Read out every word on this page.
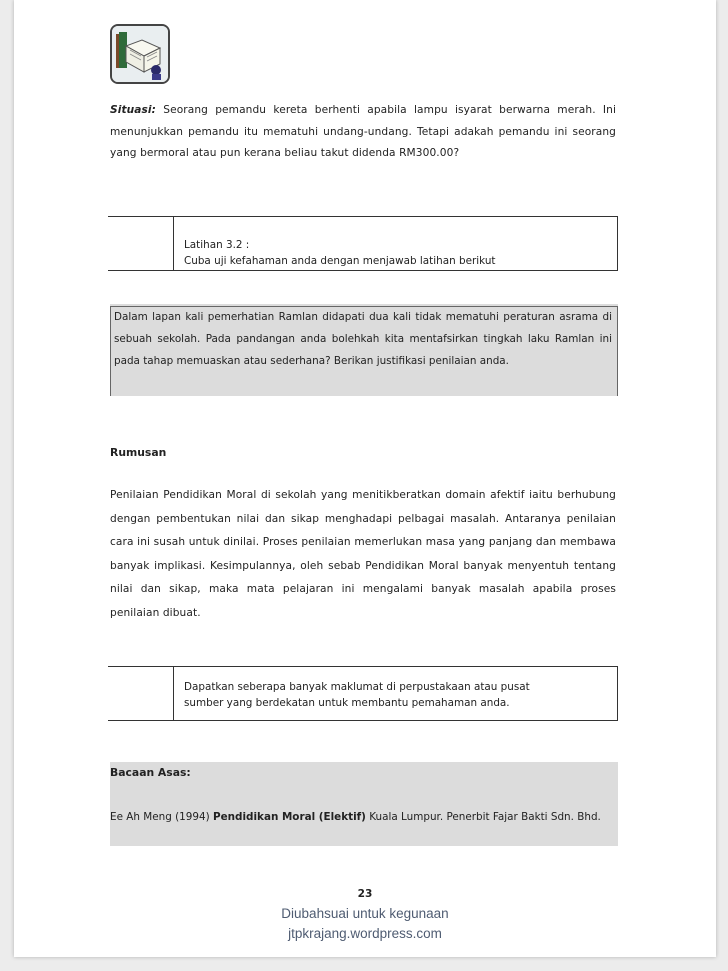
Situasi: Seorang pemandu kereta berhenti apabila lampu isyarat berwarna merah. Ini menunjukkan pemandu itu mematuhi undang-undang. Tetapi adakah pemandu ini seorang yang bermoral atau pun kerana beliau takut didenda RM300.00?
Latihan 3.2 :
Cuba uji kefahaman anda dengan menjawab latihan berikut
Dalam lapan kali pemerhatian Ramlan didapati dua kali tidak mematuhi peraturan asrama di sebuah sekolah. Pada pandangan anda bolehkah kita mentafsirkan tingkah laku Ramlan ini pada tahap memuaskan atau sederhana? Berikan justifikasi penilaian anda.
Rumusan
Penilaian Pendidikan Moral di sekolah yang menitikberatkan domain afektif iaitu berhubung dengan pembentukan nilai dan sikap menghadapi pelbagai masalah. Antaranya penilaian cara ini susah untuk dinilai. Proses penilaian memerlukan masa yang panjang dan membawa banyak implikasi. Kesimpulannya, oleh sebab Pendidikan Moral banyak menyentuh tentang nilai dan sikap, maka mata pelajaran ini mengalami banyak masalah apabila proses penilaian dibuat.
Dapatkan seberapa banyak maklumat di perpustakaan atau pusat sumber yang berdekatan untuk membantu pemahaman anda.
Bacaan Asas:
Ee Ah Meng (1994) Pendidikan Moral (Elektif) Kuala Lumpur. Penerbit Fajar Bakti Sdn. Bhd.
23
Diubahsuai untuk kegunaan
jtpkrajang.wordpress.com
